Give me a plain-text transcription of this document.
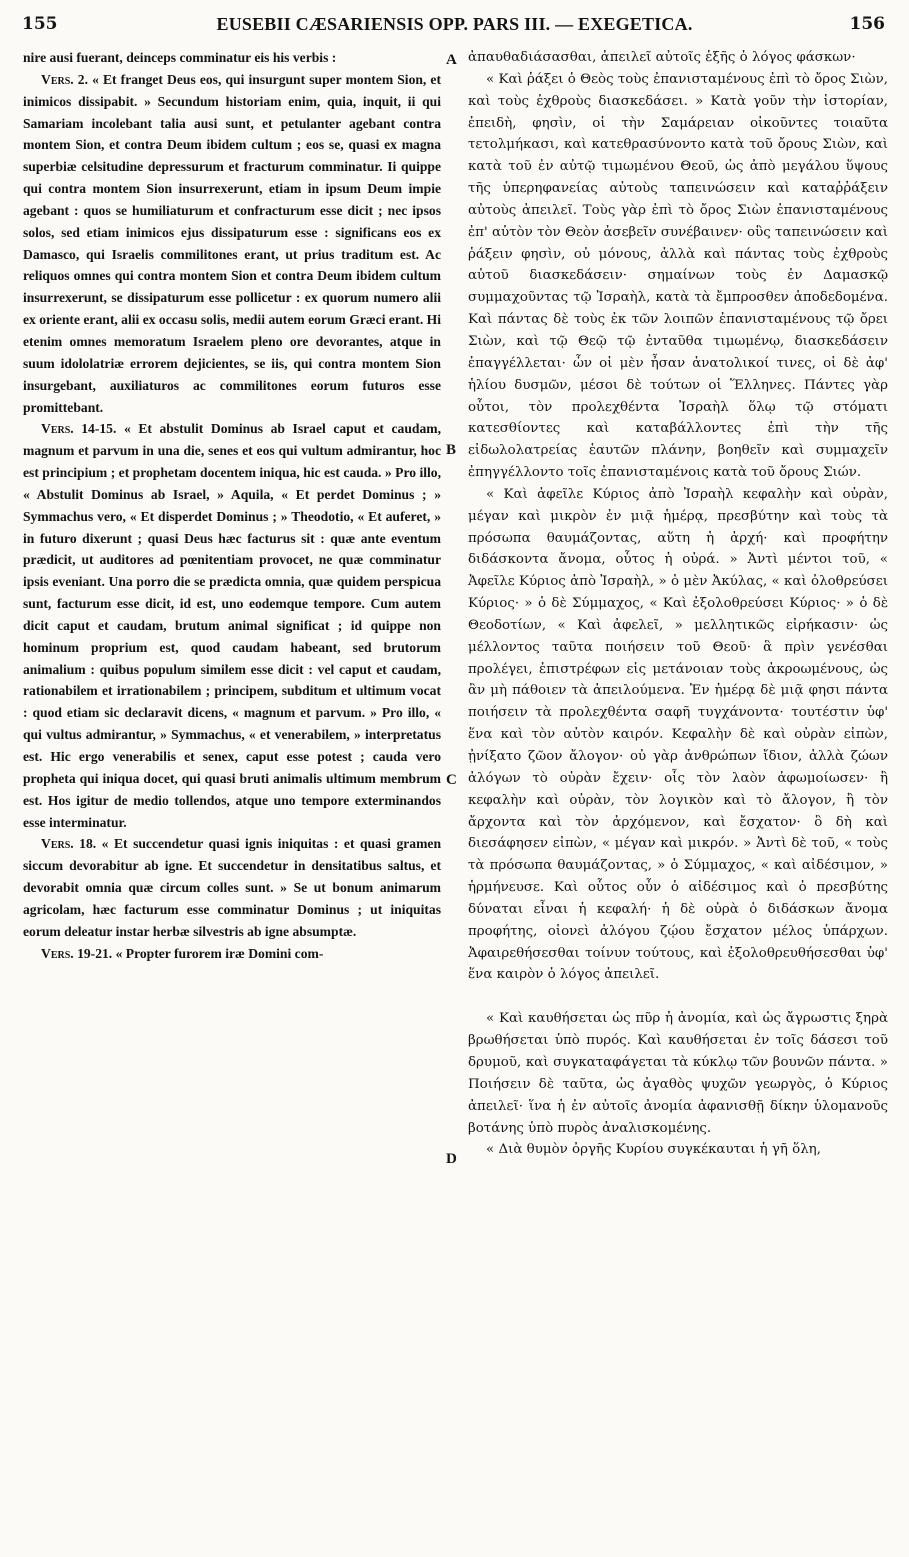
155	EUSEBII CÆSARIENSIS OPP. PARS III. — EXEGETICA.	156
A
B
C
D

nire ausi fuerant, deinceps comminatur eis his verbis :

Vers. 2. « Et franget Deus eos, qui insurgunt super montem Sion, et inimicos dissipabit. » Secundum historiam enim, quia, inquit, ii qui Samariam incolebant talia ausi sunt, et petulanter agebant contra montem Sion, et contra Deum ibidem cultum ; eos se, quasi ex magna superbiæ celsitudine depressurum et fracturum comminatur. Ii quippe qui contra montem Sion insurrexerunt, etiam in ipsum Deum impie agebant : quos se humiliaturum et confracturum esse dicit ; nec ipsos solos, sed etiam inimicos ejus dissipaturum esse : significans eos ex Damasco, qui Israelis commilitones erant, ut prius traditum est. Ac reliquos omnes qui contra montem Sion et contra Deum ibidem cultum insurrexerunt, se dissipaturum esse pollicetur : ex quorum numero alii ex oriente erant, alii ex occasu solis, medii autem eorum Græci erant. Hi etenim omnes memoratum Israelem pleno ore devorantes, atque in suum idololatriæ errorem dejicientes, se iis, qui contra montem Sion insurgebant, auxiliaturos ac commilitones eorum futuros esse promittebant.

Vers. 14-15. « Et abstulit Dominus ab Israel caput et caudam, magnum et parvum in una die, senes et eos qui vultum admirantur, hoc est principium ; et prophetam docentem iniqua, hic est cauda. » Pro illo, « Abstulit Dominus ab Israel, » Aquila, « Et perdet Dominus ; » Symmachus vero, « Et disperdet Dominus ; » Theodotio, « Et auferet, » in futuro dixerunt ; quasi Deus hæc facturus sit : quæ ante eventum prædicit, ut auditores ad pœnitentiam provocet, ne quæ comminatur ipsis eveniant. Una porro die se prædicta omnia, quæ quidem perspicua sunt, facturum esse dicit, id est, uno eodemque tempore. Cum autem dicit caput et caudam, brutum animal significat ; id quippe non hominum proprium est, quod caudam habeant, sed brutorum animalium : quibus populum similem esse dicit : vel caput et caudam, rationabilem et irrationabilem ; principem, subditum et ultimum vocat : quod etiam sic declaravit dicens, « magnum et parvum. » Pro illo, « qui vultus admirantur, » Symmachus, « et venerabilem, » interpretatus est. Hic ergo venerabilis et senex, caput esse potest ; cauda vero propheta qui iniqua docet, qui quasi bruti animalis ultimum membrum est. Hos igitur de medio tollendos, atque uno tempore exterminandos esse interminatur.

Vers. 18. « Et succendetur quasi ignis iniquitas : et quasi gramen siccum devorabitur ab igne. Et succendetur in densitatibus saltus, et devorabit omnia quæ circum colles sunt. » Se ut bonum animarum agricolam, hæc facturum esse comminatur Dominus ; ut iniquitas eorum deleatur instar herbæ silvestris ab igne absumptæ.

Vers. 19-21. « Propter furorem iræ Domini com-

ἀπαυθαδιάσασθαι, ἀπειλεῖ αὐτοῖς ἑξῆς ὁ λόγος φάσκων·

« Καὶ ῥάξει ὁ Θεὸς τοὺς ἐπανισταμένους ἐπὶ τὸ ὄρος Σιὼν, καὶ τοὺς ἐχθροὺς διασκεδάσει. » Κατὰ γοῦν τὴν ἱστορίαν, ἐπειδὴ, φησὶν, οἱ τὴν Σαμάρειαν οἰκοῦντες τοιαῦτα τετολμήκασι, καὶ κατεθρασύνοντο κατὰ τοῦ ὄρους Σιὼν, καὶ κατὰ τοῦ ἐν αὐτῷ τιμωμένου Θεοῦ, ὡς ἀπὸ μεγάλου ὕψους τῆς ὑπερηφανείας αὐτοὺς ταπεινώσειν καὶ καταῤῥάξειν αὐτοὺς ἀπειλεῖ. Τοὺς γὰρ ἐπὶ τὸ ὄρος Σιὼν ἐπανισταμένους ἐπ' αὐτὸν τὸν Θεὸν ἀσεβεῖν συνέβαινεν· οὓς ταπεινώσειν καὶ ῥάξειν φησὶν, οὐ μόνους, ἀλλὰ καὶ πάντας τοὺς ἐχθροὺς αὐτοῦ διασκεδάσειν· σημαίνων τοὺς ἐν Δαμασκῷ συμμαχοῦντας τῷ Ἰσραὴλ, κατὰ τὰ ἔμπροσθεν ἀποδεδομένα. Καὶ πάντας δὲ τοὺς ἐκ τῶν λοιπῶν ἐπανισταμένους τῷ ὄρει Σιὼν, καὶ τῷ Θεῷ τῷ ἐνταῦθα τιμωμένῳ, διασκεδάσειν ἐπαγγέλλεται· ὧν οἱ μὲν ἦσαν ἀνατολικοί τινες, οἱ δὲ ἀφ' ἡλίου δυσμῶν, μέσοι δὲ τούτων οἱ Ἕλληνες. Πάντες γὰρ οὗτοι, τὸν προλεχθέντα Ἰσραὴλ ὅλῳ τῷ στόματι κατεσθίοντες καὶ καταβάλλοντες ἐπὶ τὴν τῆς εἰδωλολατρείας ἑαυτῶν πλάνην, βοηθεῖν καὶ συμμαχεῖν ἐπηγγέλλοντο τοῖς ἐπανισταμένοις κατὰ τοῦ ὄρους Σιών.

« Καὶ ἀφεῖλε Κύριος ἀπὸ Ἰσραὴλ κεφαλὴν καὶ οὐρὰν, μέγαν καὶ μικρὸν ἐν μιᾷ ἡμέρᾳ, πρεσβύτην καὶ τοὺς τὰ πρόσωπα θαυμάζοντας, αὕτη ἡ ἀρχή· καὶ προφήτην διδάσκοντα ἄνομα, οὗτος ἡ οὐρά. » Ἀντὶ μέντοι τοῦ, « Ἀφεῖλε Κύριος ἀπὸ Ἰσραὴλ, » ὁ μὲν Ἀκύλας, « καὶ ὀλοθρεύσει Κύριος· » ὁ δὲ Σύμμαχος, « Καὶ ἐξολοθρεύσει Κύριος· » ὁ δὲ Θεοδοτίων, « Καὶ ἀφελεῖ, » μελλητικῶς εἰρήκασιν· ὡς μέλλοντος ταῦτα ποιήσειν τοῦ Θεοῦ· ἃ πρὶν γενέσθαι προλέγει, ἐπιστρέφων εἰς μετάνοιαν τοὺς ἀκροωμένους, ὡς ἂν μὴ πάθοιεν τὰ ἀπειλούμενα. Ἐν ἡμέρᾳ δὲ μιᾷ φησι πάντα ποιήσειν τὰ προλεχθέντα σαφῆ τυγχάνοντα· τουτέστιν ὑφ' ἕνα καὶ τὸν αὐτὸν καιρόν. Κεφαλὴν δὲ καὶ οὐρὰν εἰπὼν, ᾐνίξατο ζῶον ἄλογον· οὐ γὰρ ἀνθρώπων ἴδιον, ἀλλὰ ζώων ἀλόγων τὸ οὐρὰν ἔχειν· οἷς τὸν λαὸν ἀφωμοίωσεν· ἢ κεφαλὴν καὶ οὐρὰν, τὸν λογικὸν καὶ τὸ ἄλογον, ἢ τὸν ἄρχοντα καὶ τὸν ἀρχόμενον, καὶ ἔσχατον· ὃ δὴ καὶ διεσάφησεν εἰπὼν, « μέγαν καὶ μικρόν. » Ἀντὶ δὲ τοῦ, « τοὺς τὰ πρόσωπα θαυμάζοντας, » ὁ Σύμμαχος, « καὶ αἰδέσιμον, » ἡρμήνευσε. Καὶ οὗτος οὖν ὁ αἰδέσιμος καὶ ὁ πρεσβύτης δύναται εἶναι ἡ κεφαλή· ἡ δὲ οὐρὰ ὁ διδάσκων ἄνομα προφήτης, οἱονεὶ ἀλόγου ζῴου ἔσχατον μέλος ὑπάρχων. Ἀφαιρεθήσεσθαι τοίνυν τούτους, καὶ ἐξολοθρευθήσεσθαι ὑφ' ἕνα καιρὸν ὁ λόγος ἀπειλεῖ.

« Καὶ καυθήσεται ὡς πῦρ ἡ ἀνομία, καὶ ὡς ἄγρωστις ξηρὰ βρωθήσεται ὑπὸ πυρός. Καὶ καυθήσεται ἐν τοῖς δάσεσι τοῦ δρυμοῦ, καὶ συγκαταφάγεται τὰ κύκλῳ τῶν βουνῶν πάντα. » Ποιήσειν δὲ ταῦτα, ὡς ἀγαθὸς ψυχῶν γεωργὸς, ὁ Κύριος ἀπειλεῖ· ἵνα ἡ ἐν αὐτοῖς ἀνομία ἀφανισθῇ δίκην ὑλομανοῦς βοτάνης ὑπὸ πυρὸς ἀναλισκομένης.

« Διὰ θυμὸν ὀργῆς Κυρίου συγκέκαυται ἡ γῆ ὅλη,
